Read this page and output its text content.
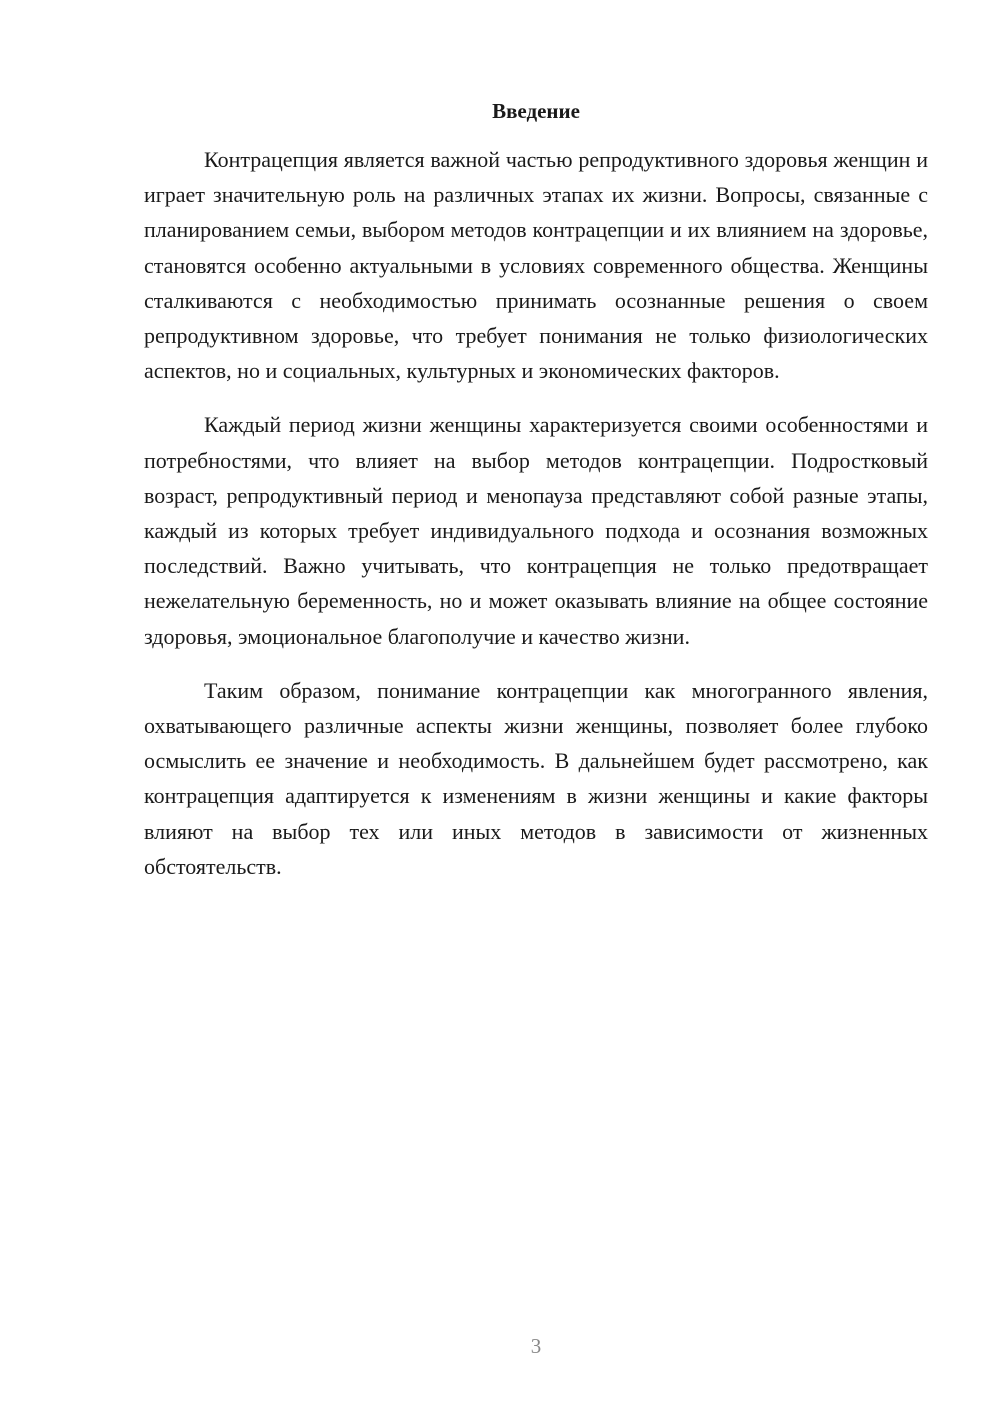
Введение

Контрацепция является важной частью репродуктивного здоровья женщин и играет значительную роль на различных этапах их жизни. Вопросы, связанные с планированием семьи, выбором методов контрацепции и их влиянием на здоровье, становятся особенно актуальными в условиях современного общества. Женщины сталкиваются с необходимостью принимать осознанные решения о своем репродуктивном здоровье, что требует понимания не только физиологических аспектов, но и социальных, культурных и экономических факторов.

Каждый период жизни женщины характеризуется своими особенностями и потребностями, что влияет на выбор методов контрацепции. Подростковый возраст, репродуктивный период и менопауза представляют собой разные этапы, каждый из которых требует индивидуального подхода и осознания возможных последствий. Важно учитывать, что контрацепция не только предотвращает нежелательную беременность, но и может оказывать влияние на общее состояние здоровья, эмоциональное благополучие и качество жизни.

Таким образом, понимание контрацепции как многогранного явления, охватывающего различные аспекты жизни женщины, позволяет более глубоко осмыслить ее значение и необходимость. В дальнейшем будет рассмотрено, как контрацепция адаптируется к изменениям в жизни женщины и какие факторы влияют на выбор тех или иных методов в зависимости от жизненных обстоятельств.

3
